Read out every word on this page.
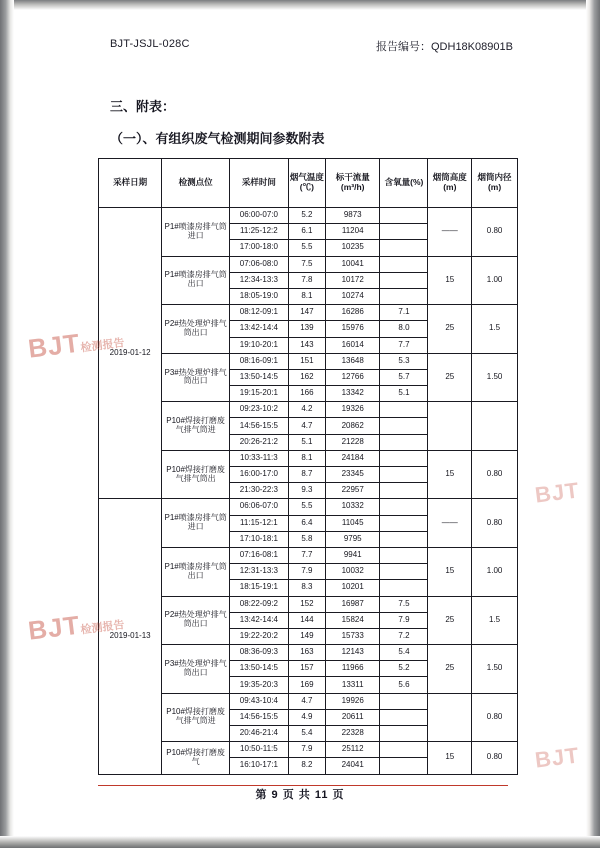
BJT-JSJL-028C	报告编号：QDH18K08901B
三、附表：
（一）、有组织废气检测期间参数附表
采样日期	检测点位	采样时间	烟气温度(℃)	标干流量(m³/h)	含氧量(%)	烟筒高度(m)	烟筒内径(m)
2019-01-12	P1#喷漆房排气筒进口	06:00-07:0	5.2	9873		——	0.80
		11:25-12:2	6.1	11204			
		17:00-18:0	5.5	10235			
	P1#喷漆房排气筒出口	07:06-08:0	7.5	10041		15	1.00
		12:34-13:3	7.8	10172			
		18:05-19:0	8.1	10274			
	P2#热处理炉排气筒出口	08:12-09:1	147	16286	7.1	25	1.5
		13:42-14:4	139	15976	8.0		
		19:10-20:1	143	16014	7.7		
	P3#热处理炉排气筒出口	08:16-09:1	151	13648	5.3	25	1.50
		13:50-14:5	162	12766	5.7		
		19:15-20:1	166	13342	5.1		
	P10#焊接打磨废气排气筒进	09:23-10:2	4.2	19326			
		14:56-15:5	4.7	20862			
		20:26-21:2	5.1	21228			
	P10#焊接打磨废气排气筒出	10:33-11:3	8.1	24184		15	0.80
		16:00-17:0	8.7	23345			
		21:30-22:3	9.3	22957			
2019-01-13	P1#喷漆房排气筒进口	06:06-07:0	5.5	10332		——	0.80
		11:15-12:1	6.4	11045			
		17:10-18:1	5.8	9795			
	P1#喷漆房排气筒出口	07:16-08:1	7.7	9941		15	1.00
		12:31-13:3	7.9	10032			
		18:15-19:1	8.3	10201			
	P2#热处理炉排气筒出口	08:22-09:2	152	16987	7.5	25	1.5
		13:42-14:4	144	15824	7.9		
		19:22-20:2	149	15733	7.2		
	P3#热处理炉排气筒出口	08:36-09:3	163	12143	5.4	25	1.50
		13:50-14:5	157	11966	5.2		
		19:35-20:3	169	13311	5.6		
	P10#焊接打磨废气排气筒进	09:43-10:4	4.7	19926			0.80
		14:56-15:5	4.9	20611			
		20:46-21:4	5.4	22328			
	P10#焊接打磨废气	10:50-11:5	7.9	25112		15	0.80
		16:10-17:1	8.2	24041			
BJT检测报告
BJT检测报告
BJT
BJT
第 9 页 共 11 页
